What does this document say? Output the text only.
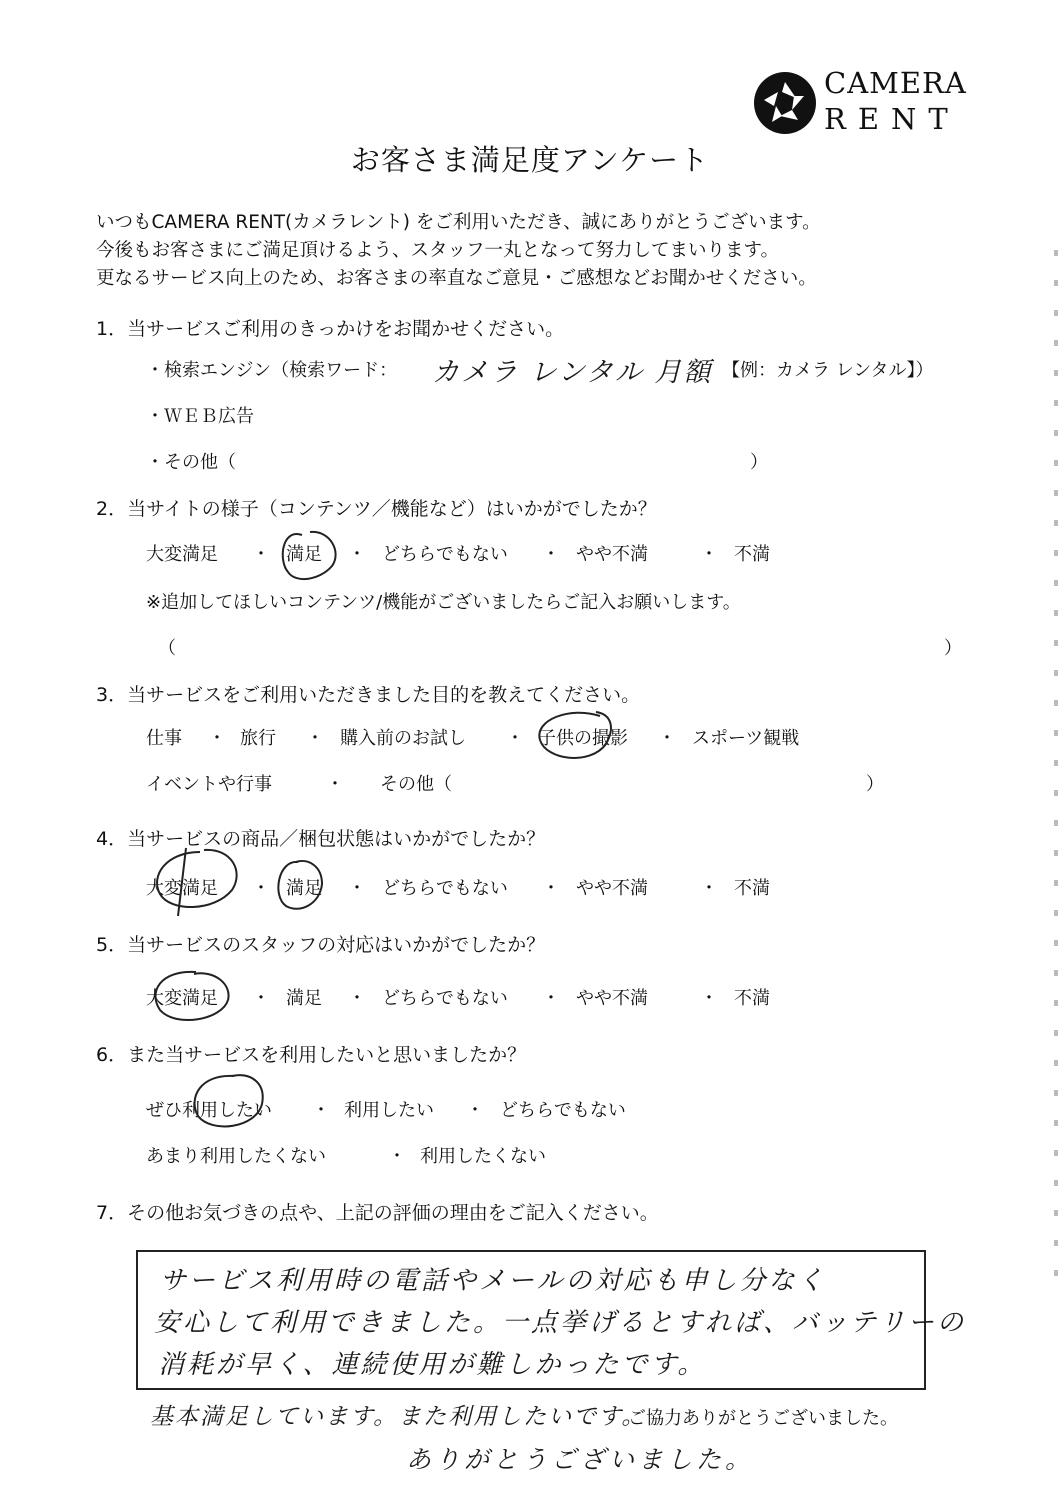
CAMERA
RENT
お客さま満足度アンケート
いつもCAMERA RENT(カメラレント) をご利用いただき、誠にありがとうございます。
今後もお客さまにご満足頂けるよう、スタッフ一丸となって努力してまいります。
更なるサービス向上のため、お客さまの率直なご意見・ご感想などお聞かせください。
1．当サービスご利用のきっかけをお聞かせください。
・検索エンジン（検索ワード： カメラ レンタル 月額 【例：カメラ レンタル】）
・ＷＥＢ広告
・その他（	）
2．当サイトの様子（コンテンツ／機能など）はいかがでしたか？
大変満足 ・ 満足 ・ どちらでもない ・ やや不満	・ 不満
※追加してほしいコンテンツ/機能がございましたらご記入お願いします。
（	）
3．当サービスをご利用いただきました目的を教えてください。
仕事 ・ 旅行 ・ 購入前のお試し ・ 子供の撮影 ・ スポーツ観戦
イベントや行事	・ その他（	）
4．当サービスの商品／梱包状態はいかがでしたか？
大変満足 ・ 満足 ・ どちらでもない ・ やや不満	・ 不満
5．当サービスのスタッフの対応はいかがでしたか？
大変満足 ・ 満足 ・ どちらでもない ・ やや不満	・ 不満
6．また当サービスを利用したいと思いましたか？
ぜひ利用したい ・ 利用したい ・ どちらでもない
あまり利用したくない	・ 利用したくない
7．その他お気づきの点や、上記の評価の理由をご記入ください。
サービス利用時の電話やメールの対応も申し分なく
安心して利用できました。一点挙げるとすれば、バッテリーの
消耗が早く、連続使用が難しかったです。
基本満足しています。また利用したいです。
ご協力ありがとうございました。
ありがとうございました。
